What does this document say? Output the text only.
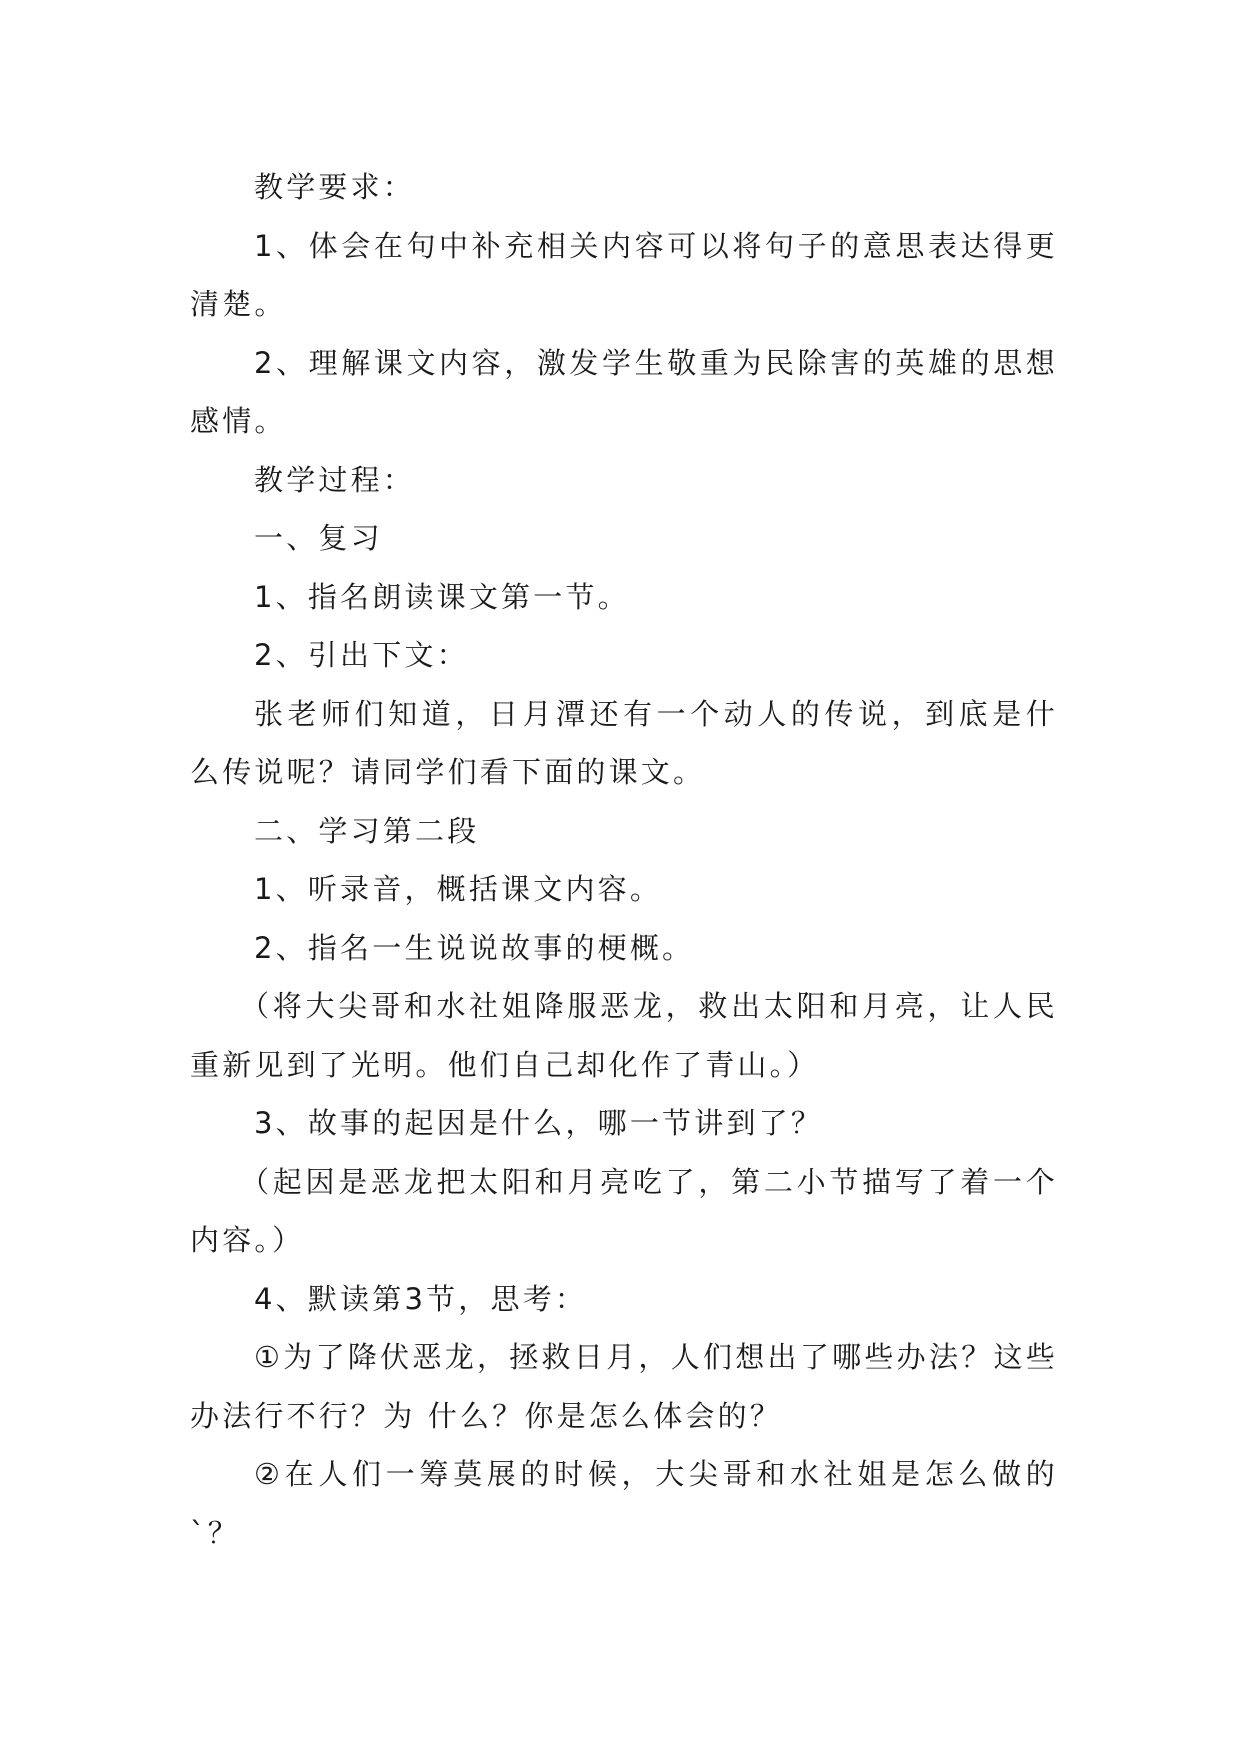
教学要求：

1、体会在句中补充相关内容可以将句子的意思表达得更清楚。

2、理解课文内容，激发学生敬重为民除害的英雄的思想感情。

教学过程：

一、复习

1、指名朗读课文第一节。

2、引出下文：

张老师们知道，日月潭还有一个动人的传说，到底是什么传说呢？请同学们看下面的课文。

二、学习第二段

1、听录音，概括课文内容。

2、指名一生说说故事的梗概。

（将大尖哥和水社姐降服恶龙，救出太阳和月亮，让人民重新见到了光明。他们自己却化作了青山。）

3、故事的起因是什么，哪一节讲到了？

（起因是恶龙把太阳和月亮吃了，第二小节描写了着一个内容。）

4、默读第3节，思考：

①为了降伏恶龙，拯救日月，人们想出了哪些办法？这些办法行不行？为 什么？你是怎么体会的？

②在人们一筹莫展的时候，大尖哥和水社姐是怎么做的`？
